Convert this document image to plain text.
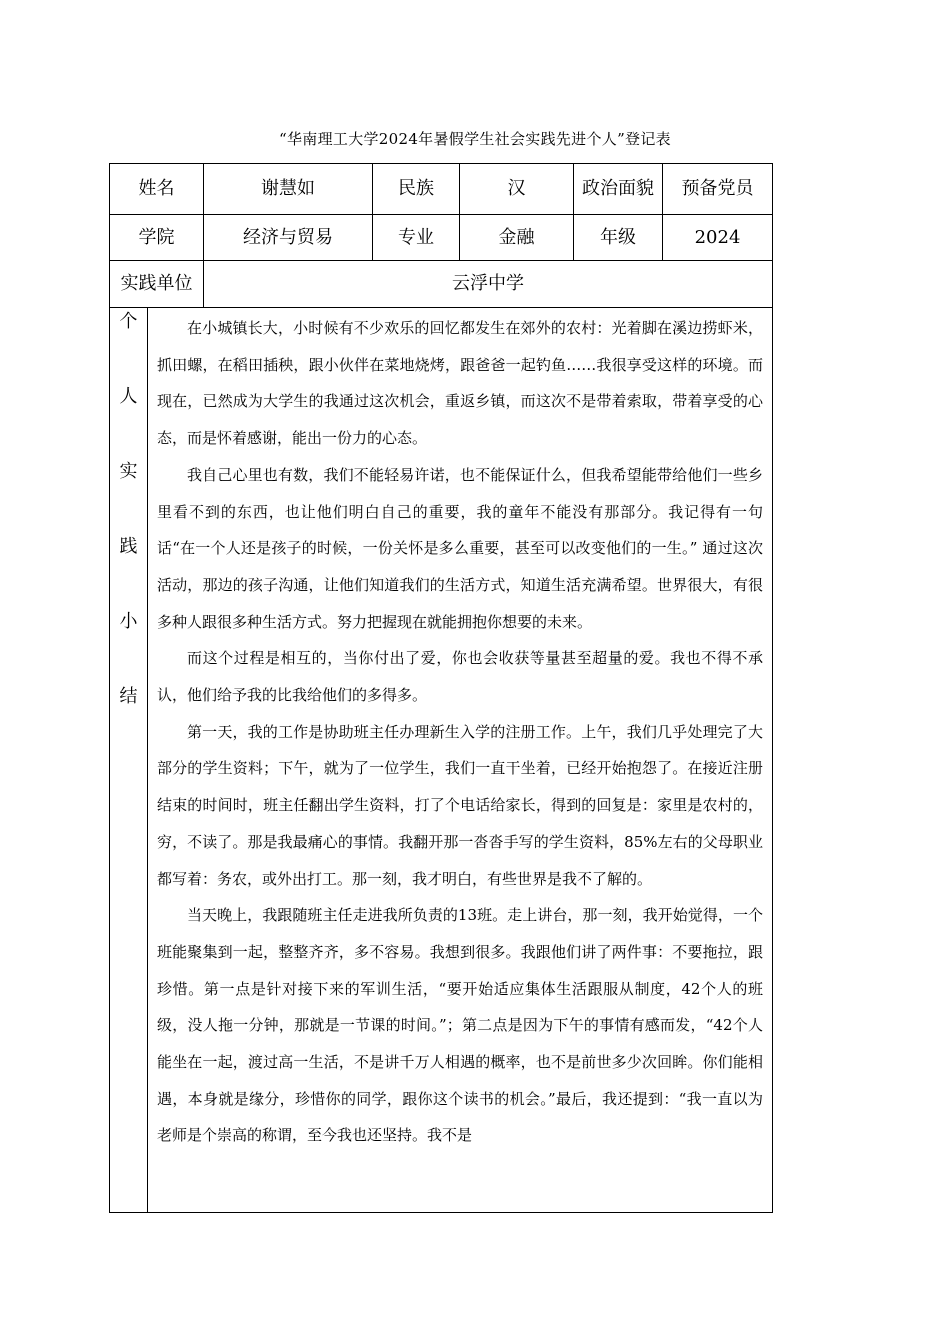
“华南理工大学2024年暑假学生社会实践先进个人”登记表
姓名	谢慧如	民族	汉	政治面貌	预备党员
学院	经济与贸易	专业	金融	年级	2024
实践单位	云浮中学
个
人
实
践
小
结

在小城镇长大，小时候有不少欢乐的回忆都发生在郊外的农村：光着脚在溪边捞虾米，抓田螺，在稻田插秧，跟小伙伴在菜地烧烤，跟爸爸一起钓鱼……我很享受这样的环境。而现在，已然成为大学生的我通过这次机会，重返乡镇，而这次不是带着索取，带着享受的心态，而是怀着感谢，能出一份力的心态。

我自己心里也有数，我们不能轻易许诺，也不能保证什么，但我希望能带给他们一些乡里看不到的东西，也让他们明白自己的重要，我的童年不能没有那部分。我记得有一句话“在一个人还是孩子的时候，一份关怀是多么重要，甚至可以改变他们的一生。” 通过这次活动，那边的孩子沟通，让他们知道我们的生活方式，知道生活充满希望。世界很大，有很多种人跟很多种生活方式。努力把握现在就能拥抱你想要的未来。

而这个过程是相互的，当你付出了爱，你也会收获等量甚至超量的爱。我也不得不承认，他们给予我的比我给他们的多得多。

第一天，我的工作是协助班主任办理新生入学的注册工作。上午，我们几乎处理完了大部分的学生资料；下午，就为了一位学生，我们一直干坐着，已经开始抱怨了。在接近注册结束的时间时，班主任翻出学生资料，打了个电话给家长，得到的回复是：家里是农村的，穷，不读了。那是我最痛心的事情。我翻开那一沓沓手写的学生资料，85%左右的父母职业都写着：务农，或外出打工。那一刻，我才明白，有些世界是我不了解的。

当天晚上，我跟随班主任走进我所负责的13班。走上讲台，那一刻，我开始觉得，一个班能聚集到一起，整整齐齐，多不容易。我想到很多。我跟他们讲了两件事：不要拖拉，跟珍惜。第一点是针对接下来的军训生活，“要开始适应集体生活跟服从制度，42个人的班级，没人拖一分钟，那就是一节课的时间。”；第二点是因为下午的事情有感而发，“42个人能坐在一起，渡过高一生活，不是讲千万人相遇的概率，也不是前世多少次回眸。你们能相遇，本身就是缘分，珍惜你的同学，跟你这个读书的机会。”最后，我还提到：“我一直以为老师是个崇高的称谓，至今我也还坚持。我不是
